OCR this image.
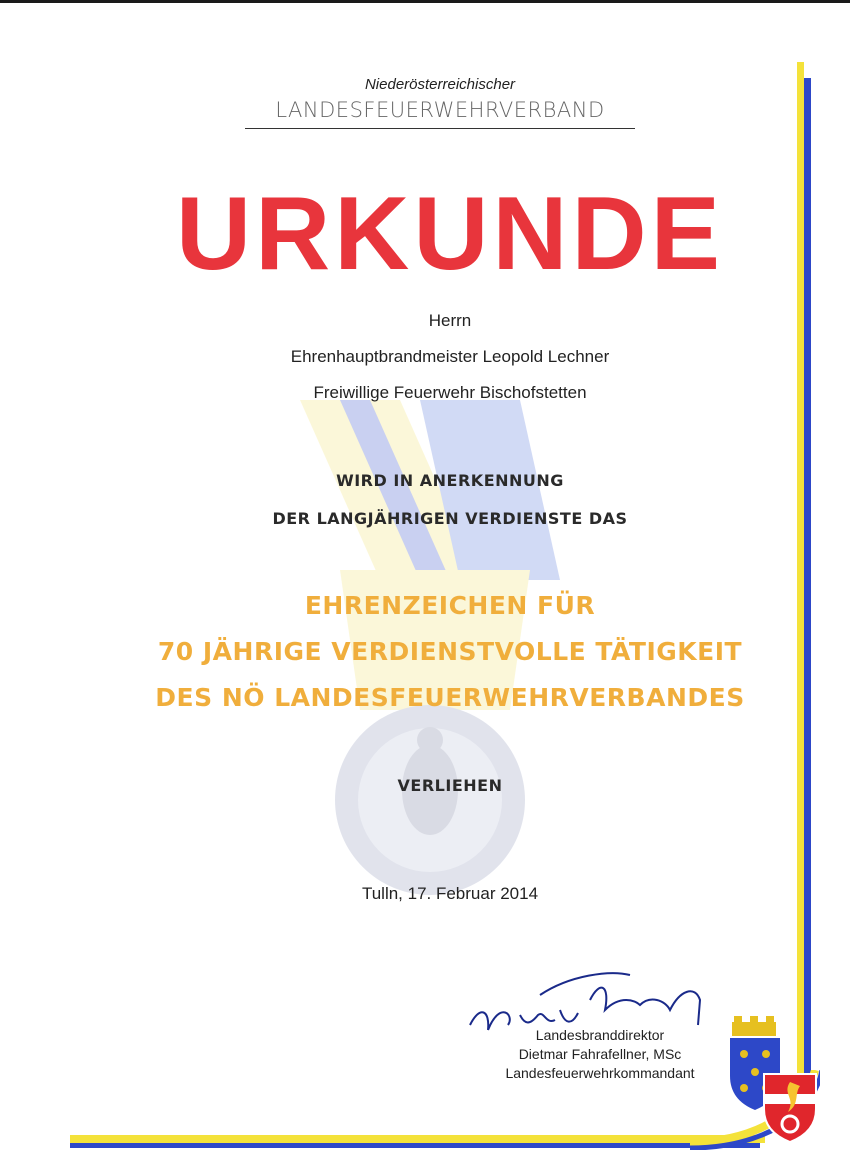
Niederösterreichischer
LANDESFEUERWEHRVERBAND
URKUNDE
Herrn
Ehrenhauptbrandmeister Leopold Lechner
Freiwillige Feuerwehr Bischofstetten
WIRD IN ANERKENNUNG
DER LANGJÄHRIGEN VERDIENSTE DAS
EHRENZEICHEN FÜR
70 JÄHRIGE VERDIENSTVOLLE TÄTIGKEIT
DES NÖ LANDESFEUERWEHRVERBANDES
VERLIEHEN
Tulln, 17. Februar 2014
Landesbranddirektor
Dietmar Fahrafellner, MSc
Landesfeuerwehrkommandant
